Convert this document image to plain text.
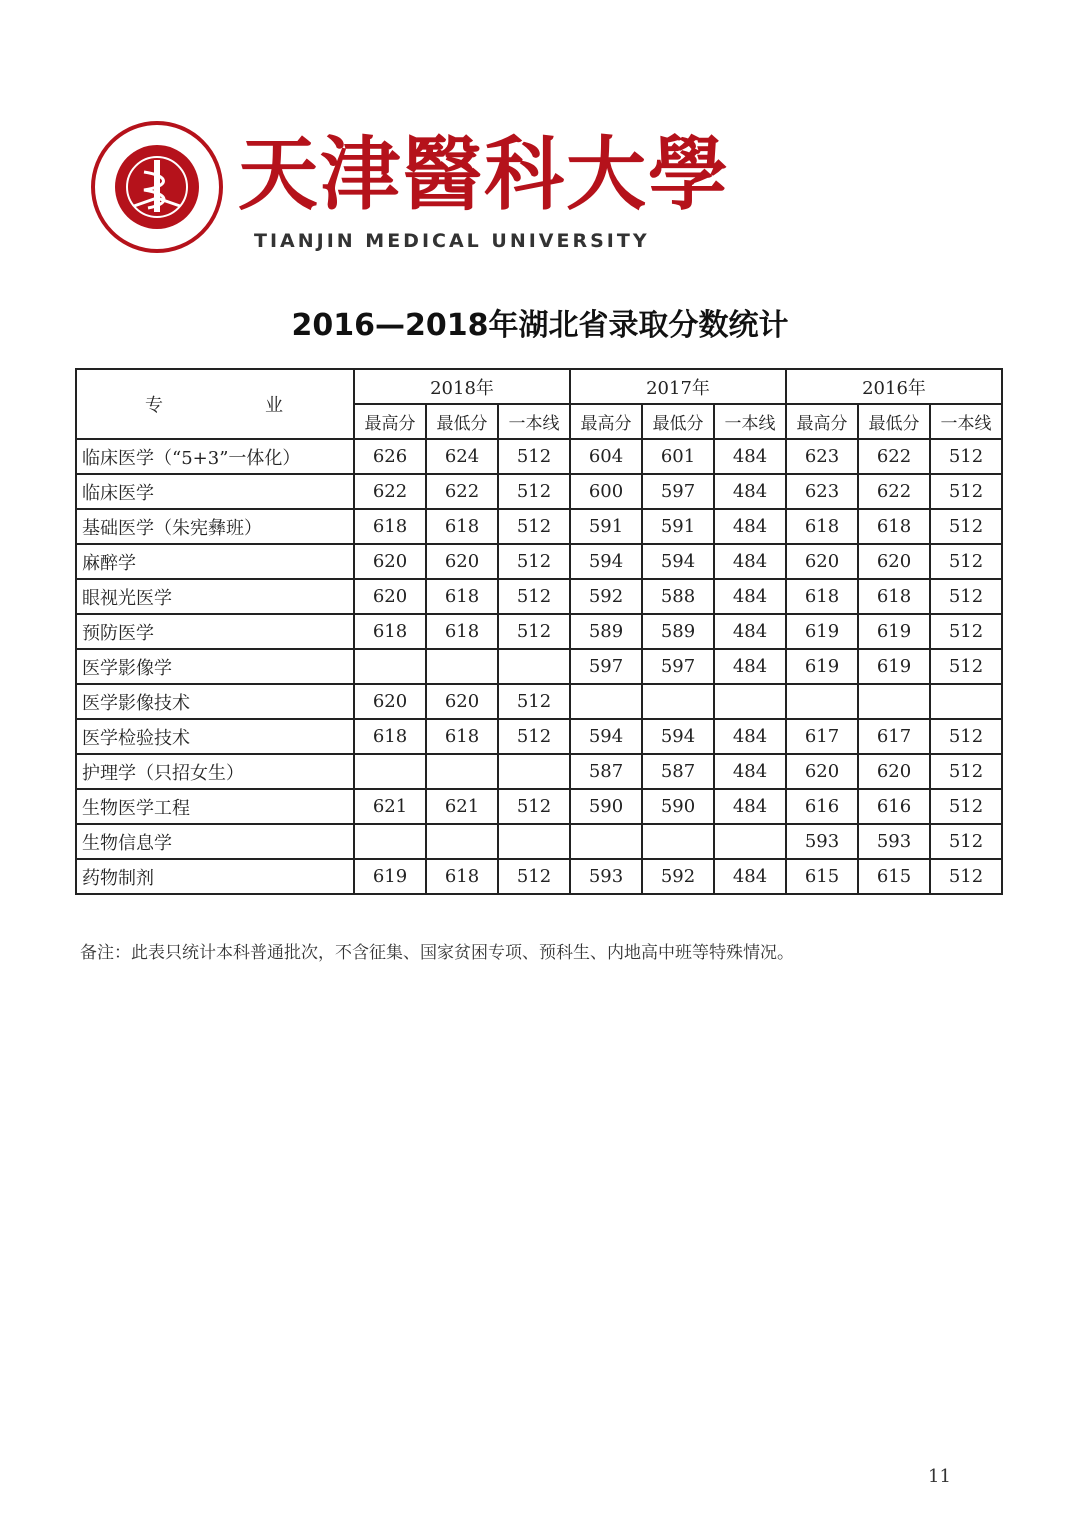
天津醫科大學
TIANJIN MEDICAL UNIVERSITY
2016—2018年湖北省录取分数统计
专　　　　　业	2018年			2017年			2016年		
	最高分	最低分	一本线	最高分	最低分	一本线	最高分	最低分	一本线
临床医学（“5+3”一体化）	626	624	512	604	601	484	623	622	512
临床医学	622	622	512	600	597	484	623	622	512
基础医学（朱宪彝班）	618	618	512	591	591	484	618	618	512
麻醉学	620	620	512	594	594	484	620	620	512
眼视光医学	620	618	512	592	588	484	618	618	512
预防医学	618	618	512	589	589	484	619	619	512
医学影像学				597	597	484	619	619	512
医学影像技术	620	620	512						
医学检验技术	618	618	512	594	594	484	617	617	512
护理学（只招女生）				587	587	484	620	620	512
生物医学工程	621	621	512	590	590	484	616	616	512
生物信息学							593	593	512
药物制剂	619	618	512	593	592	484	615	615	512
备注：此表只统计本科普通批次，不含征集、国家贫困专项、预科生、内地高中班等特殊情况。
11
